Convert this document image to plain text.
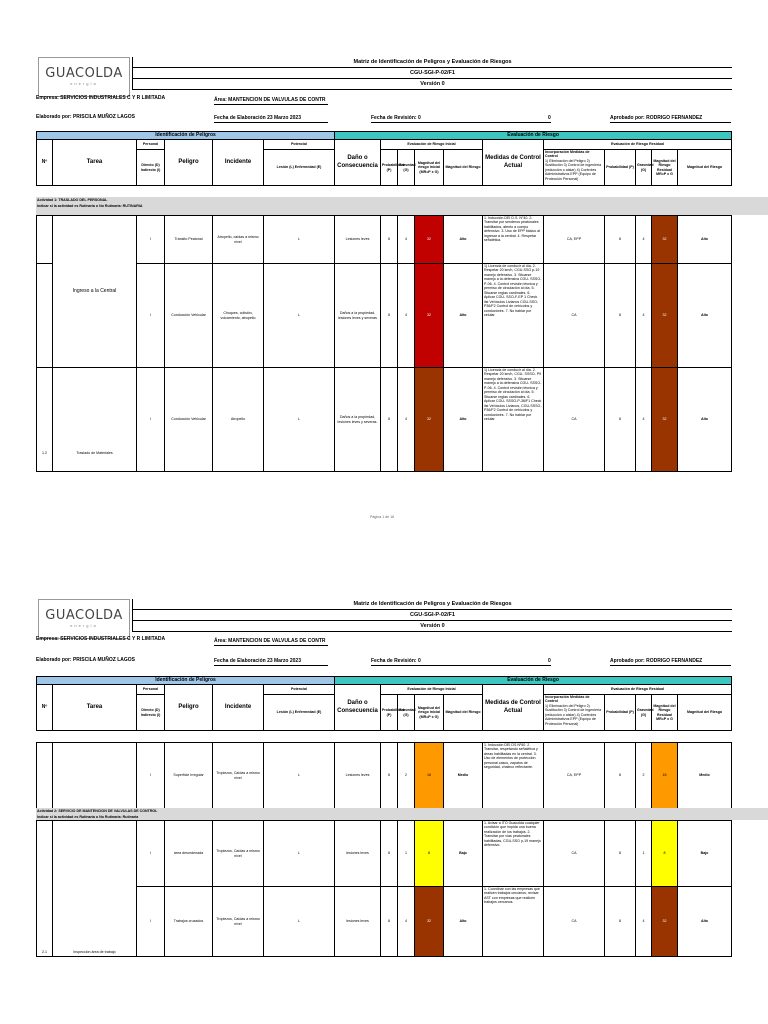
GUACOLDA
energía
Matriz de Identificación de Peligros y Evaluación de Riesgos
CGU-SGI-P-02/F1
Versión 0
Empresa: SERVICIOS INDUSTRIALES C Y R LIMITADA	Área: MANTENCION DE VALVULAS DE CONTR
Elaborado por: PRISCILA MUÑOZ LAGOS	Fecha de Elaboración 23 Marzo 2023	Fecha de Revisión: 0	0	Aprobado por: RODRIGO FERNANDEZ
Identificación de Peligros						Evaluación de Riesgo										
Nº	Tarea	Personal	Peligro	Incidente	Potencial	Daño o Consecuencia	Evaluación de Riesgo Inicial				Medidas de Control Actual	Evaluación de Riesgo Residual				
		Directo (D) Indirecto (I)			Lesión (L) Enfermedad (E)		Probabilidad (P)	Gravedad (G)	Magnitud del riesgo inicial (MR=P x G)	Magnitud del Riesgo		Incorporación Medidas de Control
1) Eliminación del Peligro 2) Sustitución 3) Control de ingeniería (reducción o aislar) 4) Controles Administrativos EPP (Equipo de Protección Personal)	Probabilidad (P)	Gravedad (G)	Magnitud del Riesgo Residual MR=P x G	Magnitud del Riesgo
Actividad 1: TRASLADO DEL PERSONAL
Indicar si la actividad es Rutinaria o No Rutinaria: RUTINARIA
	Ingreso a la Central	I	Tránsito Peatonal	Atropello, caídas a mismo nivel	L	Lesiones leves	8	4	32	Alto	1. Inducción DEI D.S. N°40. 2. Transitar por senderos peatonales habilitados, atento a cuerpo defensivo. 3. Uso de EPP básico al ingresar a la central. 4. Respetar señalética.	CA, EPP	8	4	32	Alto
		I	Conducción Vehicular	Choques, colisión, volcamiento, atropello	L	Daños a la propiedad, lesiones leves y severas	8	4	32	Alto	1) Licencia de conducir al día. 2. Respetar 20 km/h, CGU-SSO p-19 manejo defensivo. 3. Situarse manejo a la defensiva CGU- SSSO- P-06. 4. Control revisión técnica y permiso de circulación al día. 5. Situarse reglas cardinales. 6. Aplicar CGU- SSO-F-EP 1 Check list Vehículos Livianos CGU-SSO-P36/F2 Control de vehículos y conductores. 7. No hablar por celular.	CA	8	4	32	Alto
1.2	Traslado de Materiales	I	Conducción Vehicular	Atropello	L	Daños a la propiedad, lesiones leves y severas.	8	4	32	Alto	1) Licencia de conducir al día. 2. Respetar 20 km/h, CGU- SSSO- P9 manejo defensivo. 3. Situarse manejo a la defensiva CGU- SSSO- P-06. 4. Control revisión técnica y permiso de circulación al día. 5. Situarse reglas cardinales. 6. Aplicar CGU- SSSO-P-36/F1 Check list Vehículos Livianos, CGU-SSSO-P36/F2 Control de vehículos y conductores. 7. No hablar por celular.	CA	8	4	32	Alto
Página 1 de 16
GUACOLDA
energía
Matriz de Identificación de Peligros y Evaluación de Riesgos
CGU-SGI-P-02/F1
Versión 0
Empresa: SERVICIOS INDUSTRIALES C Y R LIMITADA	Área: MANTENCION DE VALVULAS DE CONTR
Elaborado por: PRISCILA MUÑOZ LAGOS	Fecha de Elaboración 23 Marzo 2023	Fecha de Revisión: 0	0	Aprobado por: RODRIGO FERNANDEZ
Identificación de Peligros						Evaluación de Riesgo										
Nº	Tarea	Personal	Peligro	Incidente	Potencial	Daño o Consecuencia	Evaluación de Riesgo Inicial				Medidas de Control Actual	Evaluación de Riesgo Residual				
		Directo (D) Indirecto (I)			Lesión (L) Enfermedad (E)		Probabilidad (P)	Gravedad (G)	Magnitud del riesgo inicial (MR=P x G)	Magnitud del Riesgo		Incorporación Medidas de Control
1) Eliminación del Peligro 2) Sustitución 3) Control de ingeniería (reducción o aislar) 4) Controles Administrativos EPP (Equipo de Protección Personal)	Probabilidad (P)	Gravedad (G)	Magnitud del Riesgo Residual MR=P x G	Magnitud del Riesgo
		I	Superficie Irregular	Tropiezos, Caídas a mismo nivel	L	Lesiones leves	8	2	16	Medio	1. Inducción DEI DS Nº40. 2. Transitar, respetando señalética y áreas habilitadas en la central. 3. Uso de elementos de protección personal casco, zapatos de seguridad, chaleco reflectante.	CA, EPP	8	2	16	Medio
Actividad 2: SERVICIO DE MANTENCION DE VALVULAS DE CONTROL
Indicar si la actividad es Rutinaria o No Rutinaria: Rutinaria
2.1	Inspección área de trabajo	I	área desordenada	Tropiezos, Caídas a mismo nivel	L	lesiones leves	8	1	8	Bajo	1. Avisar a ITO Guacolda cualquier condición que impida una buena realización de los trabajos. 2. Transitar por vías peatonales habilitadas, CGU-SSO p-19 manejo defensivo.	CA	8	1	8	Bajo
		I	Trabajos cruzados	Tropiezos, Caídas a mismo nivel	L	lesiones leves	8	4	32	Alto	1. Coordinar con las empresas que realicen trabajos cercanos, revisar AST con empresas que realicen trabajos cercanos.	CA	8	4	32	Alto
